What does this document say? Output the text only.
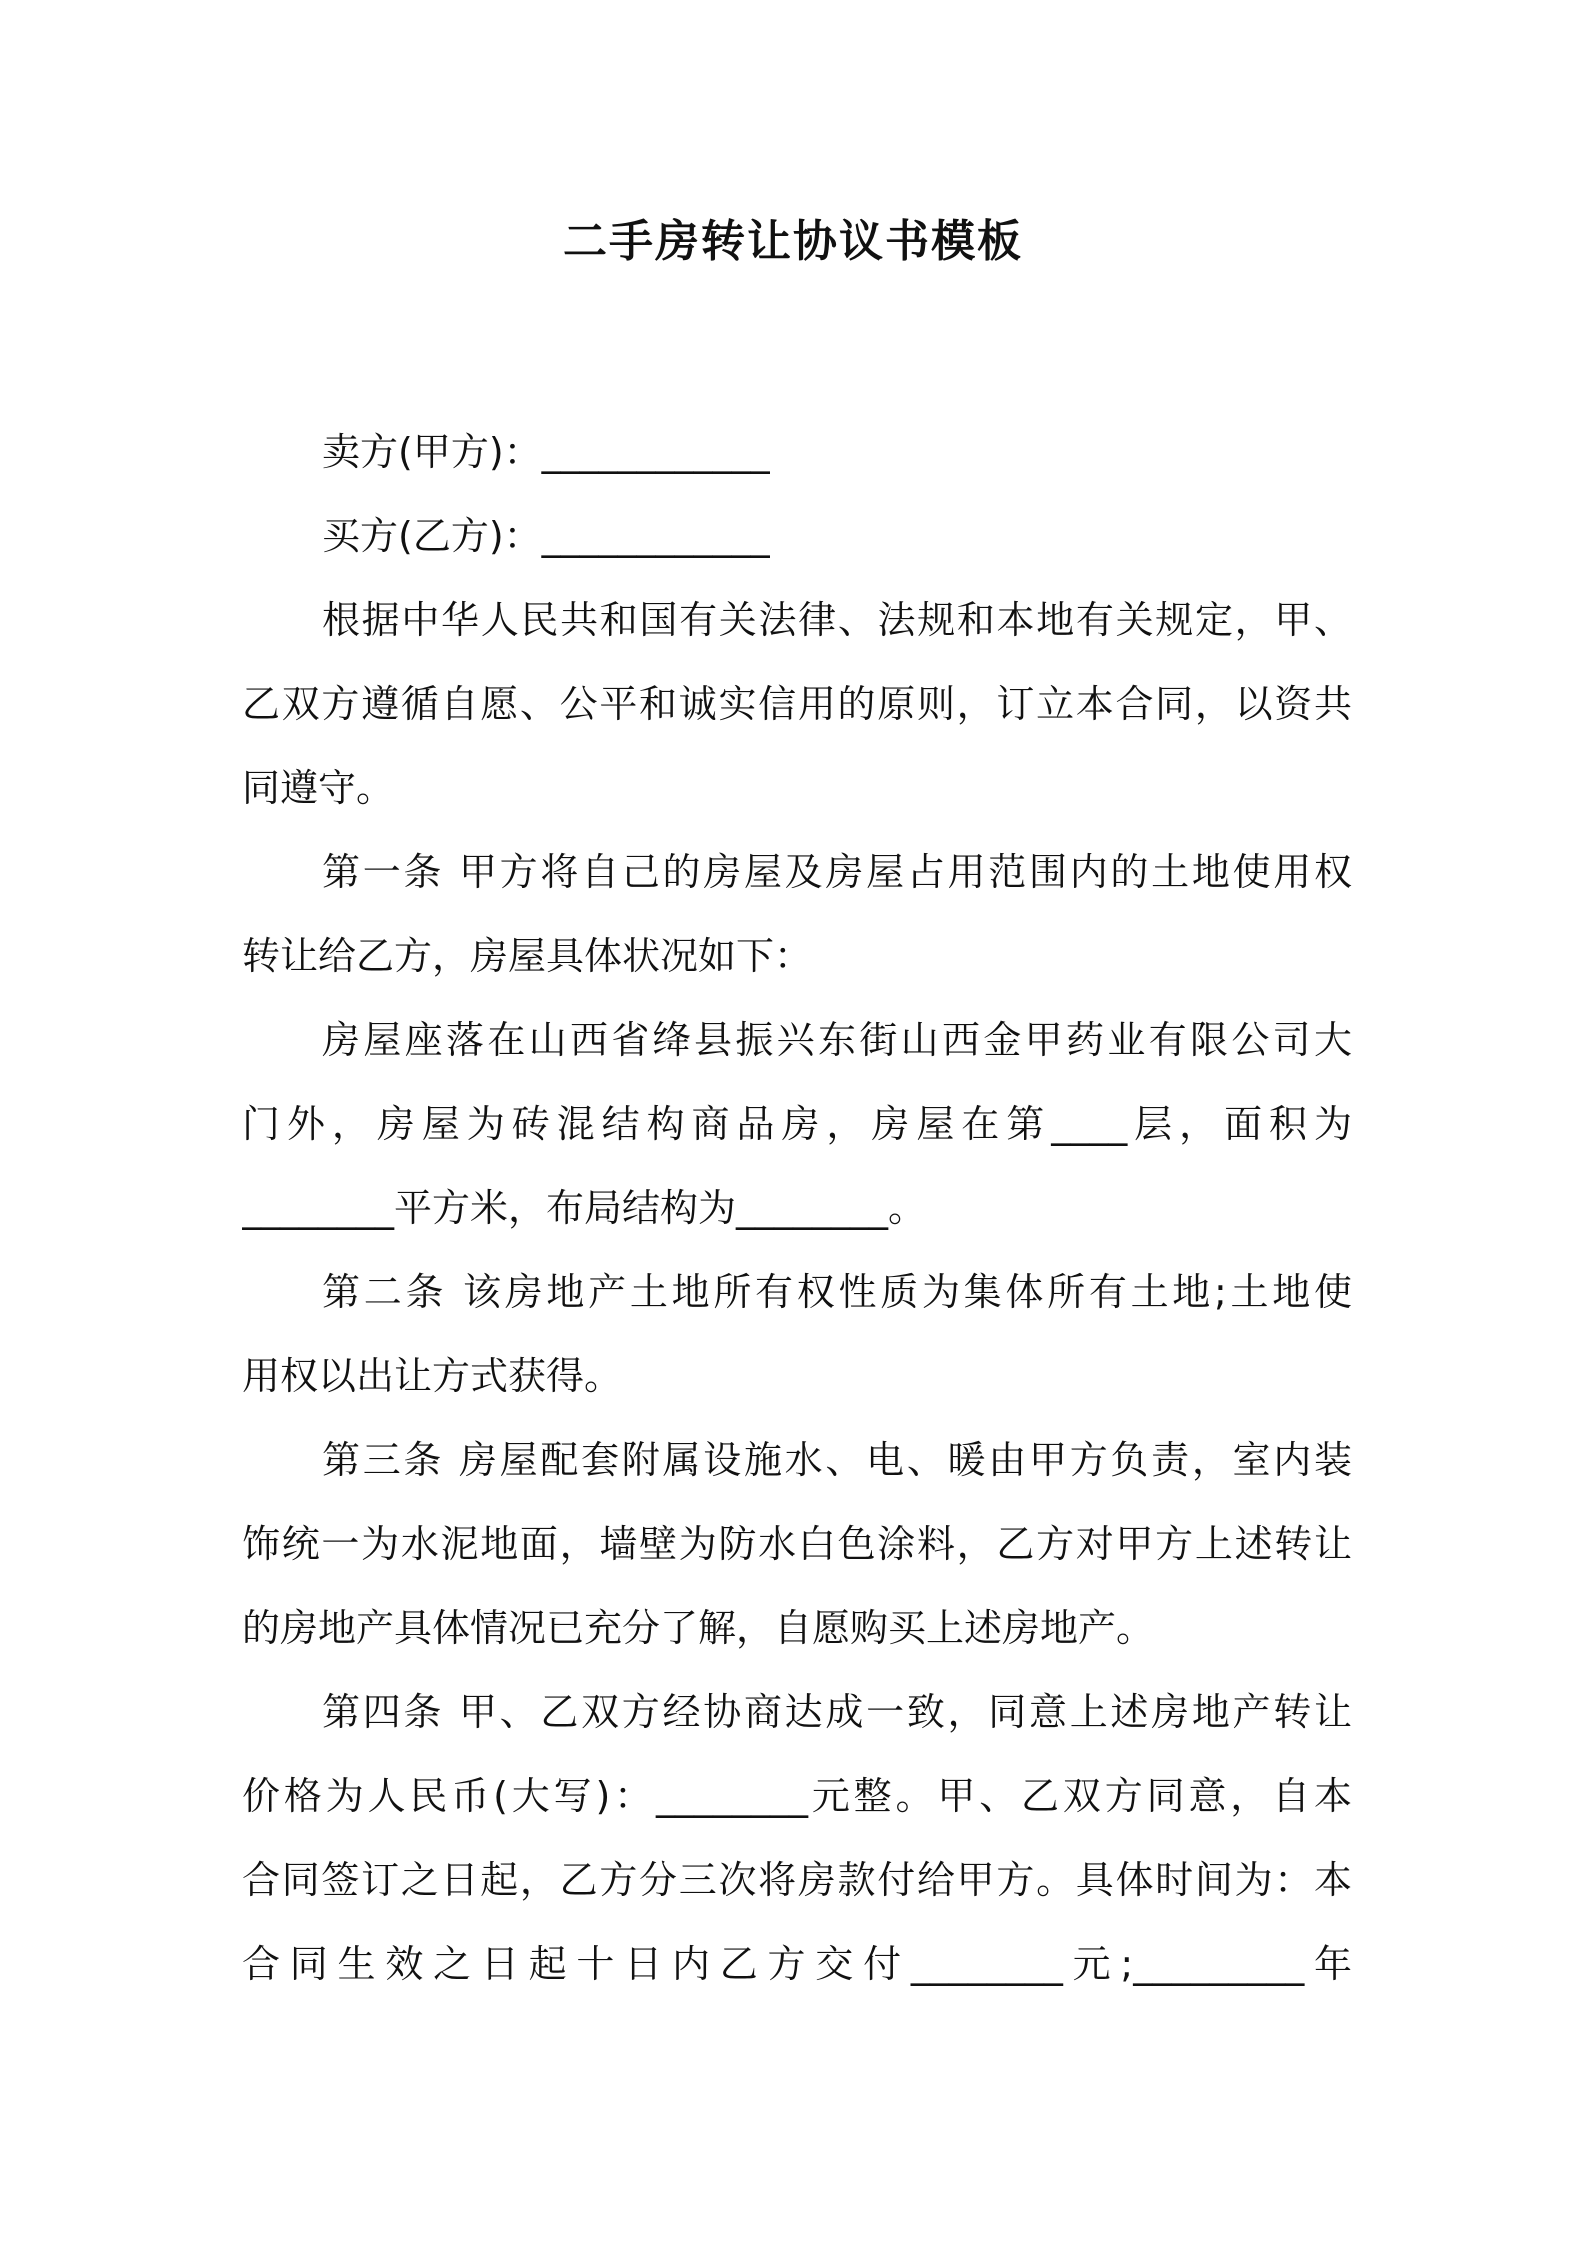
二手房转让协议书模板
卖方(甲方)：____________
买方(乙方)：____________
根据中华人民共和国有关法律、法规和本地有关规定，甲、
乙双方遵循自愿、公平和诚实信用的原则，订立本合同，以资共
同遵守。
第一条 甲方将自己的房屋及房屋占用范围内的土地使用权
转让给乙方，房屋具体状况如下：
房屋座落在山西省绛县振兴东街山西金甲药业有限公司大
门外，房屋为砖混结构商品房，房屋在第____层，面积为
________平方米，布局结构为________。
第二条 该房地产土地所有权性质为集体所有土地;土地使
用权以出让方式获得。
第三条 房屋配套附属设施水、电、暖由甲方负责，室内装
饰统一为水泥地面，墙壁为防水白色涂料，乙方对甲方上述转让
的房地产具体情况已充分了解，自愿购买上述房地产。
第四条 甲、乙双方经协商达成一致，同意上述房地产转让
价格为人民币(大写)：________元整。甲、乙双方同意，自本
合同签订之日起，乙方分三次将房款付给甲方。具体时间为：本
合同生效之日起十日内乙方交付________元;_________年
